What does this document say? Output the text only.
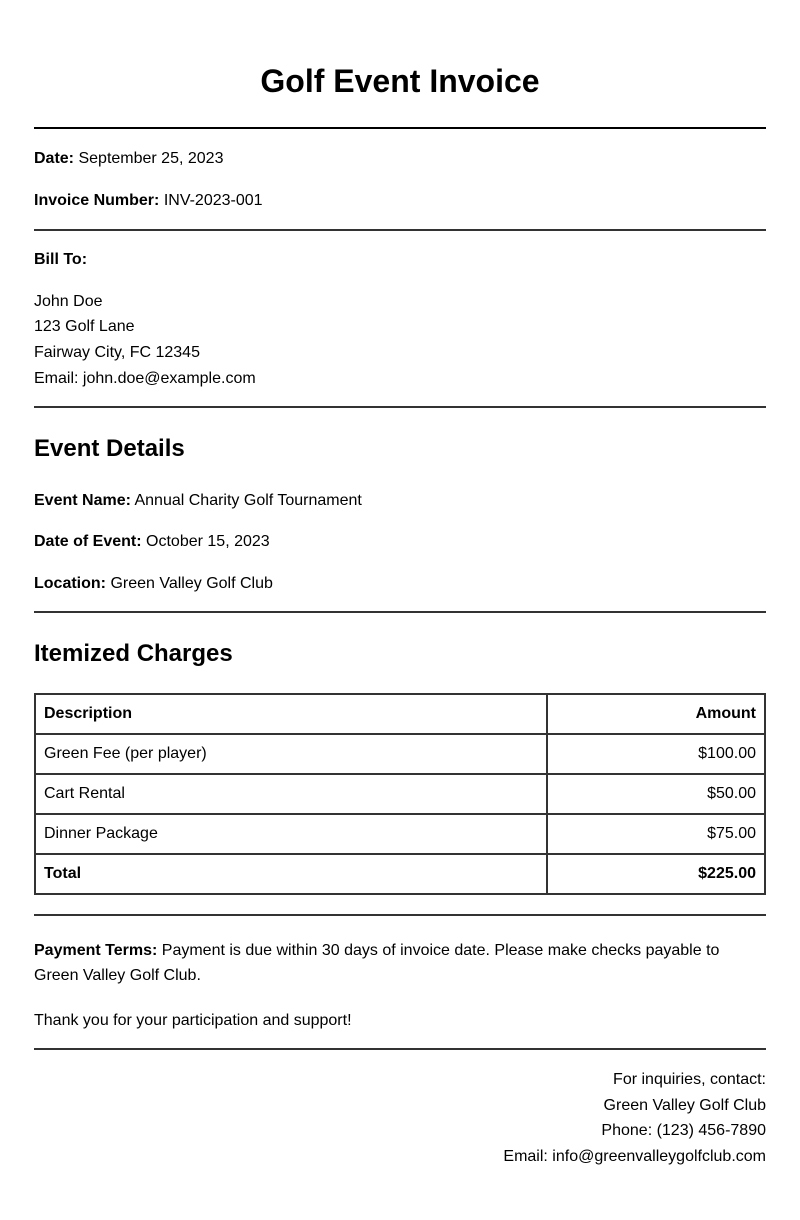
Golf Event Invoice
Date: September 25, 2023
Invoice Number: INV-2023-001
Bill To:
John Doe
123 Golf Lane
Fairway City, FC 12345
Email: john.doe@example.com
Event Details
Event Name: Annual Charity Golf Tournament
Date of Event: October 15, 2023
Location: Green Valley Golf Club
Itemized Charges
Description	Amount
Green Fee (per player)	$100.00
Cart Rental	$50.00
Dinner Package	$75.00
Total	$225.00
Payment Terms: Payment is due within 30 days of invoice date. Please make checks payable to Green Valley Golf Club.
Thank you for your participation and support!
For inquiries, contact:
Green Valley Golf Club
Phone: (123) 456-7890
Email: info@greenvalleygolfclub.com
